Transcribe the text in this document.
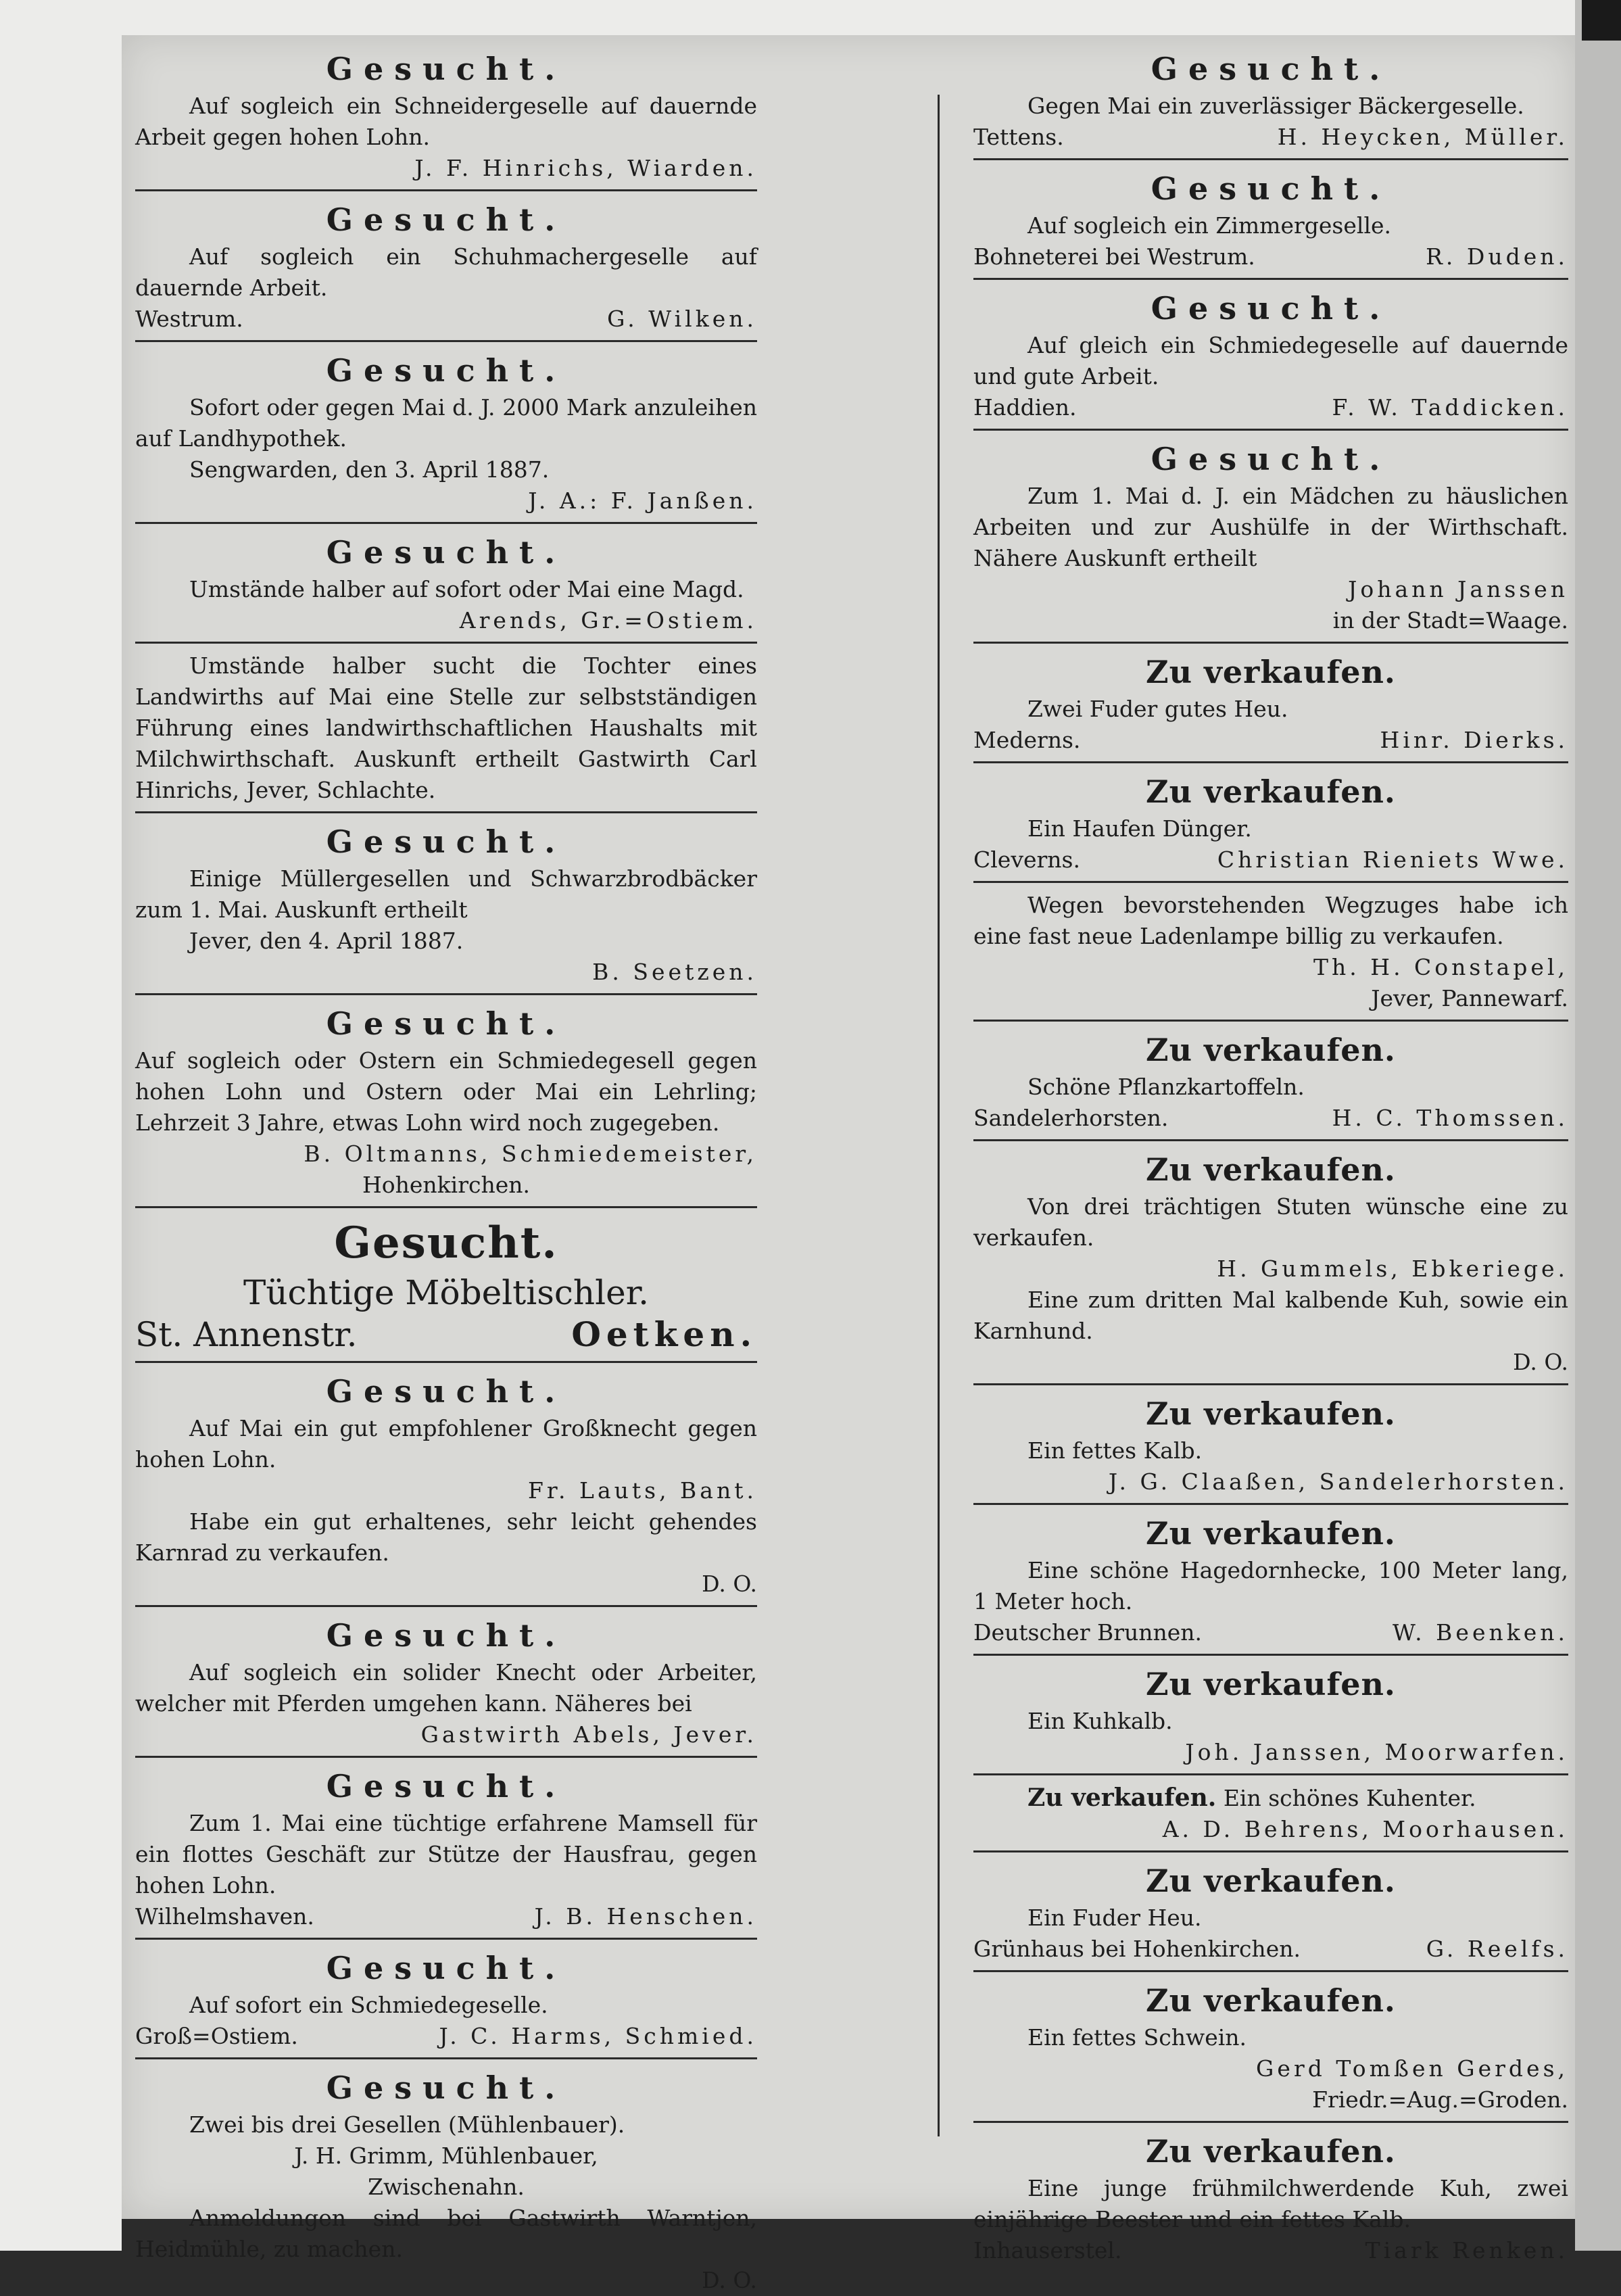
Gesucht.
Auf sogleich ein Schneidergeselle auf dauernde Arbeit gegen hohen Lohn.
J. F. Hinrichs, Wiarden.
Gesucht.
Auf sogleich ein Schuhmachergeselle auf dauernde Arbeit.
Westrum.	G. Wilken.
Gesucht.
Sofort oder gegen Mai d. J. 2000 Mark anzuleihen auf Landhypothek.
Sengwarden, den 3. April 1887.
J. A.: F. Janßen.
Gesucht.
Umstände halber auf sofort oder Mai eine Magd.
Arends, Gr.=Ostiem.
Umstände halber sucht die Tochter eines Landwirths auf Mai eine Stelle zur selbstständigen Führung eines landwirthschaftlichen Haushalts mit Milchwirthschaft. Auskunft ertheilt Gastwirth Carl Hinrichs, Jever, Schlachte.
Gesucht.
Einige Müllergesellen und Schwarzbrodbäcker zum 1. Mai. Auskunft ertheilt
Jever, den 4. April 1887.
B. Seetzen.
Gesucht.
Auf sogleich oder Ostern ein Schmiedegesell gegen hohen Lohn und Ostern oder Mai ein Lehrling; Lehrzeit 3 Jahre, etwas Lohn wird noch zugegeben.
B. Oltmanns, Schmiedemeister,
Hohenkirchen.
Gesucht.
Tüchtige Möbeltischler.
St. Annenstr.	Oetken.
Gesucht.
Auf Mai ein gut empfohlener Großknecht gegen hohen Lohn.
Fr. Lauts, Bant.
Habe ein gut erhaltenes, sehr leicht gehendes Karnrad zu verkaufen.
D. O.
Gesucht.
Auf sogleich ein solider Knecht oder Arbeiter, welcher mit Pferden umgehen kann. Näheres bei
Gastwirth Abels, Jever.
Gesucht.
Zum 1. Mai eine tüchtige erfahrene Mamsell für ein flottes Geschäft zur Stütze der Hausfrau, gegen hohen Lohn.
Wilhelmshaven.	J. B. Henschen.
Gesucht.
Auf sofort ein Schmiedegeselle.
Groß=Ostiem.	J. C. Harms, Schmied.
Gesucht.
Zwei bis drei Gesellen (Mühlenbauer).
J. H. Grimm, Mühlenbauer,
Zwischenahn.
Anmeldungen sind bei Gastwirth Warntjen, Heidmühle, zu machen.
D. O.
Gesucht.
Gegen Mai ein zuverlässiger Bäckergeselle.
Tettens.	H. Heycken, Müller.
Gesucht.
Auf sogleich ein Zimmergeselle.
Bohneterei bei Westrum.	R. Duden.
Gesucht.
Auf gleich ein Schmiedegeselle auf dauernde und gute Arbeit.
Haddien.	F. W. Taddicken.
Gesucht.
Zum 1. Mai d. J. ein Mädchen zu häuslichen Arbeiten und zur Aushülfe in der Wirthschaft. Nähere Auskunft ertheilt
Johann Janssen
in der Stadt=Waage.
Zu verkaufen.
Zwei Fuder gutes Heu.
Mederns.	Hinr. Dierks.
Zu verkaufen.
Ein Haufen Dünger.
Cleverns.	Christian Rieniets Wwe.
Wegen bevorstehenden Wegzuges habe ich eine fast neue Ladenlampe billig zu verkaufen.
Th. H. Constapel,
Jever, Pannewarf.
Zu verkaufen.
Schöne Pflanzkartoffeln.
Sandelerhorsten.	H. C. Thomssen.
Zu verkaufen.
Von drei trächtigen Stuten wünsche eine zu verkaufen.
H. Gummels, Ebkeriege.
Eine zum dritten Mal kalbende Kuh, sowie ein Karnhund.
D. O.
Zu verkaufen.
Ein fettes Kalb.
J. G. Claaßen, Sandelerhorsten.
Zu verkaufen.
Eine schöne Hagedornhecke, 100 Meter lang, 1 Meter hoch.
Deutscher Brunnen.	W. Beenken.
Zu verkaufen.
Ein Kuhkalb.
Joh. Janssen, Moorwarfen.
Zu verkaufen. Ein schönes Kuhenter.
A. D. Behrens, Moorhausen.
Zu verkaufen.
Ein Fuder Heu.
Grünhaus bei Hohenkirchen.	G. Reelfs.
Zu verkaufen.
Ein fettes Schwein.
Gerd Tomßen Gerdes,
Friedr.=Aug.=Groden.
Zu verkaufen.
Eine junge frühmilchwerdende Kuh, zwei einjährige Beester und ein fettes Kalb.
Inhauserstel.	Tiark Renken.
